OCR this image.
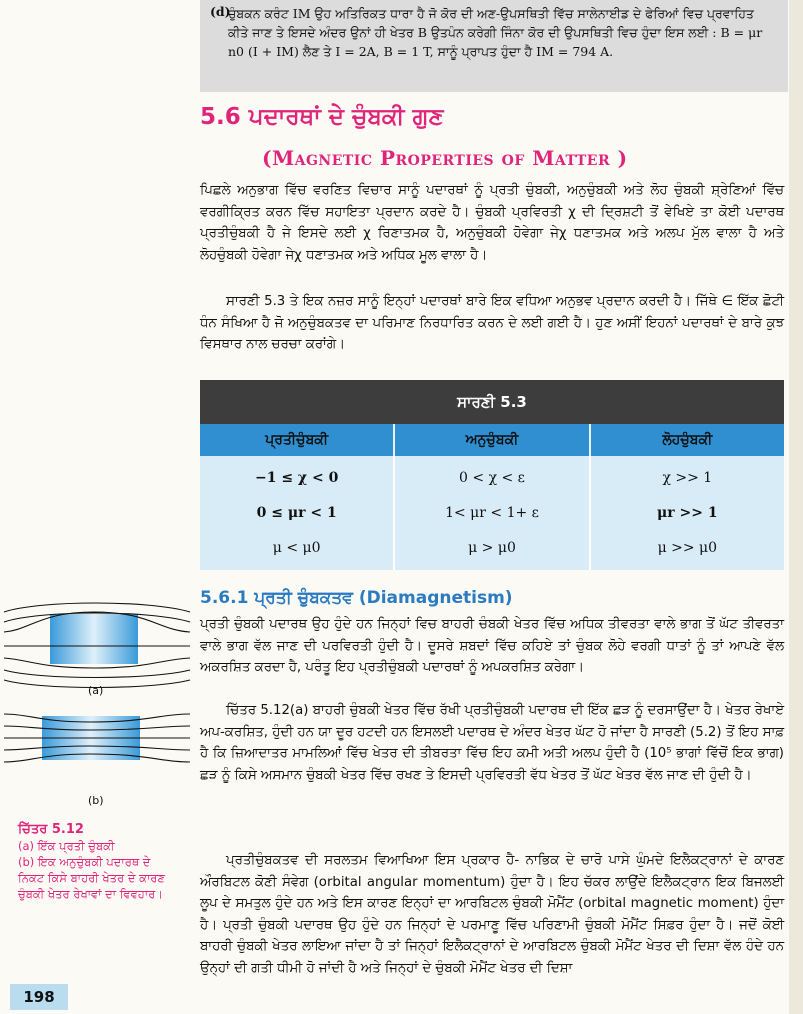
(d)

ਚੁੰਬਕਨ ਕਰੰਟ IM ਉਹ ਅਤਿਰਿਕਤ ਧਾਰਾ ਹੈ ਜੋ ਕੋਰ ਦੀ ਅਣ-ਉਪਸਥਿਤੀ ਵਿੱਚ ਸਾਲੇਨਾਈਡ ਦੇ ਫੇਰਿਆਂ ਵਿਚ ਪ੍ਰਵਾਹਿਤ ਕੀਤੇ ਜਾਣ ਤੇ ਇਸਦੇ ਅੰਦਰ ਉਨਾਂ ਹੀ ਖੇਤਰ B ਉਤਪੰਨ ਕਰੇਗੀ ਜਿੰਨਾ ਕੋਰ ਦੀ ਉਪਸਥਿਤੀ ਵਿਚ ਹੁੰਦਾ ਇਸ ਲਈ : B = μr n0 (I + IM) ਲੈਣ ਤੇ I = 2A, B = 1 T, ਸਾਨੂੰ ਪ੍ਰਾਪਤ ਹੁੰਦਾ ਹੈ IM = 794 A.

5.6 ਪਦਾਰਥਾਂ ਦੇ ਚੁੰਬਕੀ ਗੁਣ
(Magnetic Properties of Matter )

ਪਿਛਲੇ ਅਨੁਭਾਗ ਵਿੱਚ ਵਰਣਿਤ ਵਿਚਾਰ ਸਾਨੂੰ ਪਦਾਰਥਾਂ ਨੂੰ ਪ੍ਰਤੀ ਚੁੰਬਕੀ, ਅਨੁਚੁੰਬਕੀ ਅਤੇ ਲੋਹ ਚੁੰਬਕੀ ਸ਼੍ਰੇਣਿਆਂ ਵਿੱਚ ਵਰਗੀਕ੍ਰਿਤ ਕਰਨ ਵਿੱਚ ਸਹਾਇਤਾ ਪ੍ਰਦਾਨ ਕਰਦੇ ਹੈ। ਚੁੰਬਕੀ ਪ੍ਰਵਿਰਤੀ χ ਦੀ ਦ੍ਰਿਸ਼ਟੀ ਤੋਂ ਵੇਖਿਏ ਤਾ ਕੋਈ ਪਦਾਰਥ ਪ੍ਰਤੀਚੁੰਬਕੀ ਹੈ ਜੇ ਇਸਦੇ ਲਈ χ ਰਿਣਾਤਮਕ ਹੈ, ਅਨੁਚੁੰਬਕੀ ਹੋਵੇਗਾ ਜੇχ ਧਣਾਤਮਕ ਅਤੇ ਅਲਪ ਮੁੱਲ ਵਾਲਾ ਹੈ ਅਤੇ ਲੋਹਚੁੰਬਕੀ ਹੋਵੇਗਾ ਜੇχ ਧਣਾਤਮਕ ਅਤੇ ਅਧਿਕ ਮੂਲ ਵਾਲਾ ਹੈ।

ਸਾਰਣੀ 5.3 ਤੇ ਇਕ ਨਜ਼ਰ ਸਾਨੂੰ ਇਨ੍ਹਾਂ ਪਦਾਰਥਾਂ ਬਾਰੇ ਇਕ ਵਧਿਆ ਅਨੁਭਵ ਪ੍ਰਦਾਨ ਕਰਦੀ ਹੈ। ਜਿੱਥੇ ∈ ਇੱਕ ਛੋਟੀ ਧੰਨ ਸੰਖਿਆ ਹੈ ਜੋ ਅਨੁਚੁੰਬਕਤਵ ਦਾ ਪਰਿਮਾਣ ਨਿਰਧਾਰਿਤ ਕਰਨ ਦੇ ਲਈ ਗਈ ਹੈ। ਹੁਣ ਅਸੀਂ ਇਹਨਾਂ ਪਦਾਰਥਾਂ ਦੇ ਬਾਰੇ ਕੁਝ ਵਿਸਥਾਰ ਨਾਲ ਚਰਚਾ ਕਰਾਂਗੇ।

ਸਾਰਣੀ 5.3
ਪ੍ਰਤੀਚੁੰਬਕੀ	ਅਨੁਚੁੰਬਕੀ	ਲੋਹਚੁੰਬਕੀ
−1 ≤ χ < 0
0 ≤ μr < 1
μ < μ0
0 < χ < ε
1< μr < 1+ ε
μ > μ0
χ >> 1
μr >> 1
μ >> μ0
5.6.1 ਪ੍ਰਤੀ ਚੁੰਬਕਤਵ (Diamagnetism)

ਪ੍ਰਤੀ ਚੁੰਬਕੀ ਪਦਾਰਥ ਉਹ ਹੁੰਦੇ ਹਨ ਜਿਨ੍ਹਾਂ ਵਿਚ ਬਾਹਰੀ ਚੰਬਕੀ ਖੇਤਰ ਵਿੱਚ ਅਧਿਕ ਤੀਵਰਤਾ ਵਾਲੇ ਭਾਗ ਤੋਂ ਘੱਟ ਤੀਵਰਤਾ ਵਾਲੇ ਭਾਗ ਵੱਲ ਜਾਣ ਦੀ ਪਰਵਿਰਤੀ ਹੁੰਦੀ ਹੈ। ਦੂਸਰੇ ਸ਼ਬਦਾਂ ਵਿੱਚ ਕਹਿਏ ਤਾਂ ਚੁੰਬਕ ਲੋਹੇ ਵਰਗੀ ਧਾਤਾਂ ਨੂੰ ਤਾਂ ਆਪਣੇ ਵੱਲ ਅਕਰਸ਼ਿਤ ਕਰਦਾ ਹੈ, ਪਰੰਤੂ ਇਹ ਪ੍ਰਤੀਚੁੰਬਕੀ ਪਦਾਰਥਾਂ ਨੂੰ ਅਪਕਰਸ਼ਿਤ ਕਰੇਗਾ।

ਚਿੱਤਰ 5.12(a) ਬਾਹਰੀ ਚੁੰਬਕੀ ਖੇਤਰ ਵਿੱਚ ਰੱਖੀ ਪ੍ਰਤੀਚੁੰਬਕੀ ਪਦਾਰਥ ਦੀ ਇੱਕ ਛੜ ਨੂੰ ਦਰਸਾਉਂਦਾ ਹੈ। ਖੇਤਰ ਰੇਖਾਏ ਅਪ-ਕਰਸ਼ਿਤ, ਹੁੰਦੀ ਹਨ ਯਾ ਦੂਰ ਹਟਦੀ ਹਨ ਇਸਲਈ ਪਦਾਰਥ ਦੇ ਅੰਦਰ ਖੇਤਰ ਘੱਟ ਹੋ ਜਾਂਦਾ ਹੈ ਸਾਰਣੀ (5.2) ਤੋਂ ਇਹ ਸਾਫ਼ ਹੈ ਕਿ ਜ਼ਿਆਦਾਤਰ ਮਾਮਲਿਆਂ ਵਿੱਚ ਖੇਤਰ ਦੀ ਤੀਬਰਤਾ ਵਿੱਚ ਇਹ ਕਮੀ ਅਤੀ ਅਲਪ ਹੁੰਦੀ ਹੈ (10⁵ ਭਾਗਾਂ ਵਿੱਚੋਂ ਇਕ ਭਾਗ) ਛੜ ਨੂੰ ਕਿਸੇ ਅਸਮਾਨ ਚੁੰਬਕੀ ਖੇਤਰ ਵਿੱਚ ਰਖਣ ਤੇ ਇਸਦੀ ਪ੍ਰਵਿਰਤੀ ਵੱਧ ਖੇਤਰ ਤੋਂ ਘੱਟ ਖੇਤਰ ਵੱਲ ਜਾਣ ਦੀ ਹੁੰਦੀ ਹੈ।

ਪ੍ਰਤੀਚੁੰਬਕਤਵ ਦੀ ਸਰਲਤਮ ਵਿਆਖਿਆ ਇਸ ਪ੍ਰਕਾਰ ਹੈ- ਨਾਭਿਕ ਦੇ ਚਾਰੋ ਪਾਸੇ ਘੁੰਮਦੇ ਇਲੈਕਟ੍ਰਾਨਾਂ ਦੇ ਕਾਰਣ ਔਰਬਿਟਲ ਕੋਣੀ ਸੰਵੇਗ (orbital angular momentum) ਹੁੰਦਾ ਹੈ। ਇਹ ਚੱਕਰ ਲਾਉਂਦੇ ਇਲੈਕਟ੍ਰਾਨ ਇਕ ਬਿਜਲਈ ਲੂਪ ਦੇ ਸਮਤੁਲ ਹੁੰਦੇ ਹਨ ਅਤੇ ਇਸ ਕਾਰਣ ਇਨ੍ਹਾਂ ਦਾ ਆਰਬਿਟਲ ਚੁੰਬਕੀ ਮੋਮੈਂਟ (orbital magnetic moment) ਹੁੰਦਾ ਹੈ। ਪ੍ਰਤੀ ਚੁੰਬਕੀ ਪਦਾਰਥ ਉਹ ਹੁੰਦੇ ਹਨ ਜਿਨ੍ਹਾਂ ਦੇ ਪਰਮਾਣੂ ਵਿੱਚ ਪਰਿਣਾਮੀ ਚੁੰਬਕੀ ਮੋਮੈਂਟ ਸਿਫ਼ਰ ਹੁੰਦਾ ਹੈ। ਜਦੋਂ ਕੋਈ ਬਾਹਰੀ ਚੁੰਬਕੀ ਖੇਤਰ ਲਾਇਆ ਜਾਂਦਾ ਹੈ ਤਾਂ ਜਿਨ੍ਹਾਂ ਇਲੈਕਟ੍ਰਾਨਾਂ ਦੇ ਆਰਬਿਟਲ ਚੁੰਬਕੀ ਮੋਮੈਂਟ ਖੇਤਰ ਦੀ ਦਿਸ਼ਾ ਵੱਲ ਹੰਦੇ ਹਨ ਉਨ੍ਹਾਂ ਦੀ ਗਤੀ ਧੀਮੀ ਹੋ ਜਾਂਦੀ ਹੈ ਅਤੇ ਜਿਨ੍ਹਾਂ ਦੇ ਚੁੰਬਕੀ ਮੋਮੈਂਟ ਖੇਤਰ ਦੀ ਦਿਸ਼ਾ

(a)
(b)
ਚਿੱਤਰ 5.12
(a) ਇੱਕ ਪ੍ਰਤੀ ਚੁੰਬਕੀ
(b) ਇਕ ਅਨੁਚੁੰਬਕੀ ਪਦਾਰਥ ਦੇ ਨਿਕਟ ਕਿਸੇ ਬਾਹਰੀ ਖੇਤਰ ਦੇ ਕਾਰਣ ਚੁੰਬਕੀ ਖੇਤਰ ਰੇਖਾਵਾਂ ਦਾ ਵਿਵਹਾਰ।
198
